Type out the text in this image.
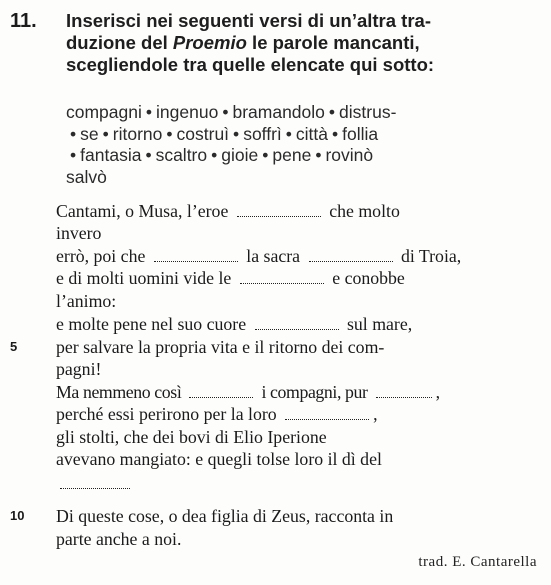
11. Inserisci nei seguenti versi di un’altra tra-
duzione del Proemio le parole mancanti,
scegliendole tra quelle elencate qui sotto:
compagni • ingenuo • bramandolo • distrus-
• se • ritorno • costruì • soffrì • città • follia
• fantasia • scaltro • gioie • pene • rovinò
salvò
Cantami, o Musa, l’eroe	che molto
invero
errò, poi che	la sacra	di Troia,
e di molti uomini vide le	e conobbe
l’animo:
e molte pene nel suo cuore	sul mare,
5 per salvare la propria vita e il ritorno dei com-
pagni!
Ma nemmeno così	i compagni, pur	,
perché essi perirono per la loro	,
gli stolti, che dei bovi di Elio Iperione
avevano mangiato: e quegli tolse loro il dì del
10 Di queste cose, o dea figlia di Zeus, racconta in
parte anche a noi.
trad. E. Cantarella
